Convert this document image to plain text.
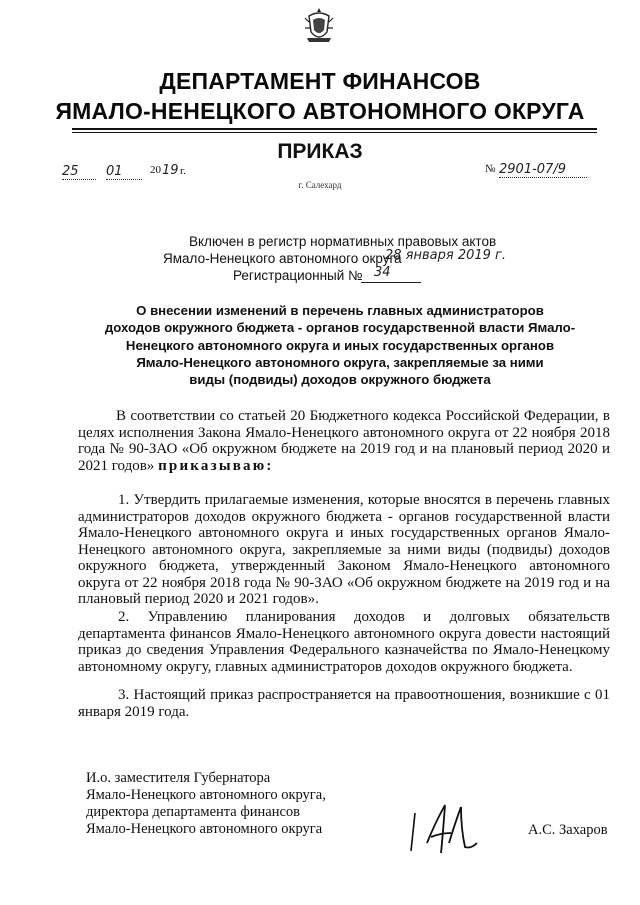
ДЕПАРТАМЕНТ ФИНАНСОВ
ЯМАЛО-НЕНЕЦКОГО АВТОНОМНОГО ОКРУГА
ПРИКАЗ
25	01	20 19 г.	№ 2901-07/9
г. Салехард
Включен в регистр нормативных правовых актов
Ямало-Ненецкого автономного округа
28 января 2019 г.
Регистрационный № 34
О внесении изменений в перечень главных администраторов
доходов окружного бюджета - органов государственной власти Ямало-
Ненецкого автономного округа и иных государственных органов
Ямало-Ненецкого автономного округа, закрепляемые за ними
виды (подвиды) доходов окружного бюджета
В соответствии со статьей 20 Бюджетного кодекса Российской Федерации, в целях исполнения Закона Ямало-Ненецкого автономного округа от 22 ноября 2018 года № 90-ЗАО «Об окружном бюджете на 2019 год и на плановый период 2020 и 2021 годов» приказываю:
1. Утвердить прилагаемые изменения, которые вносятся в перечень главных администраторов доходов окружного бюджета - органов государственной власти Ямало-Ненецкого автономного округа и иных государственных органов Ямало-Ненецкого автономного округа, закрепляемые за ними виды (подвиды) доходов окружного бюджета, утвержденный Законом Ямало-Ненецкого автономного округа от 22 ноября 2018 года № 90-ЗАО «Об окружном бюджете на 2019 год и на плановый период 2020 и 2021 годов».
2. Управлению планирования доходов и долговых обязательств департамента финансов Ямало-Ненецкого автономного округа довести настоящий приказ до сведения Управления Федерального казначейства по Ямало-Ненецкому автономному округу, главных администраторов доходов окружного бюджета.
3. Настоящий приказ распространяется на правоотношения, возникшие с 01 января 2019 года.
И.о. заместителя Губернатора
Ямало-Ненецкого автономного округа,
директора департамента финансов
Ямало-Ненецкого автономного округа	А.С. Захаров
